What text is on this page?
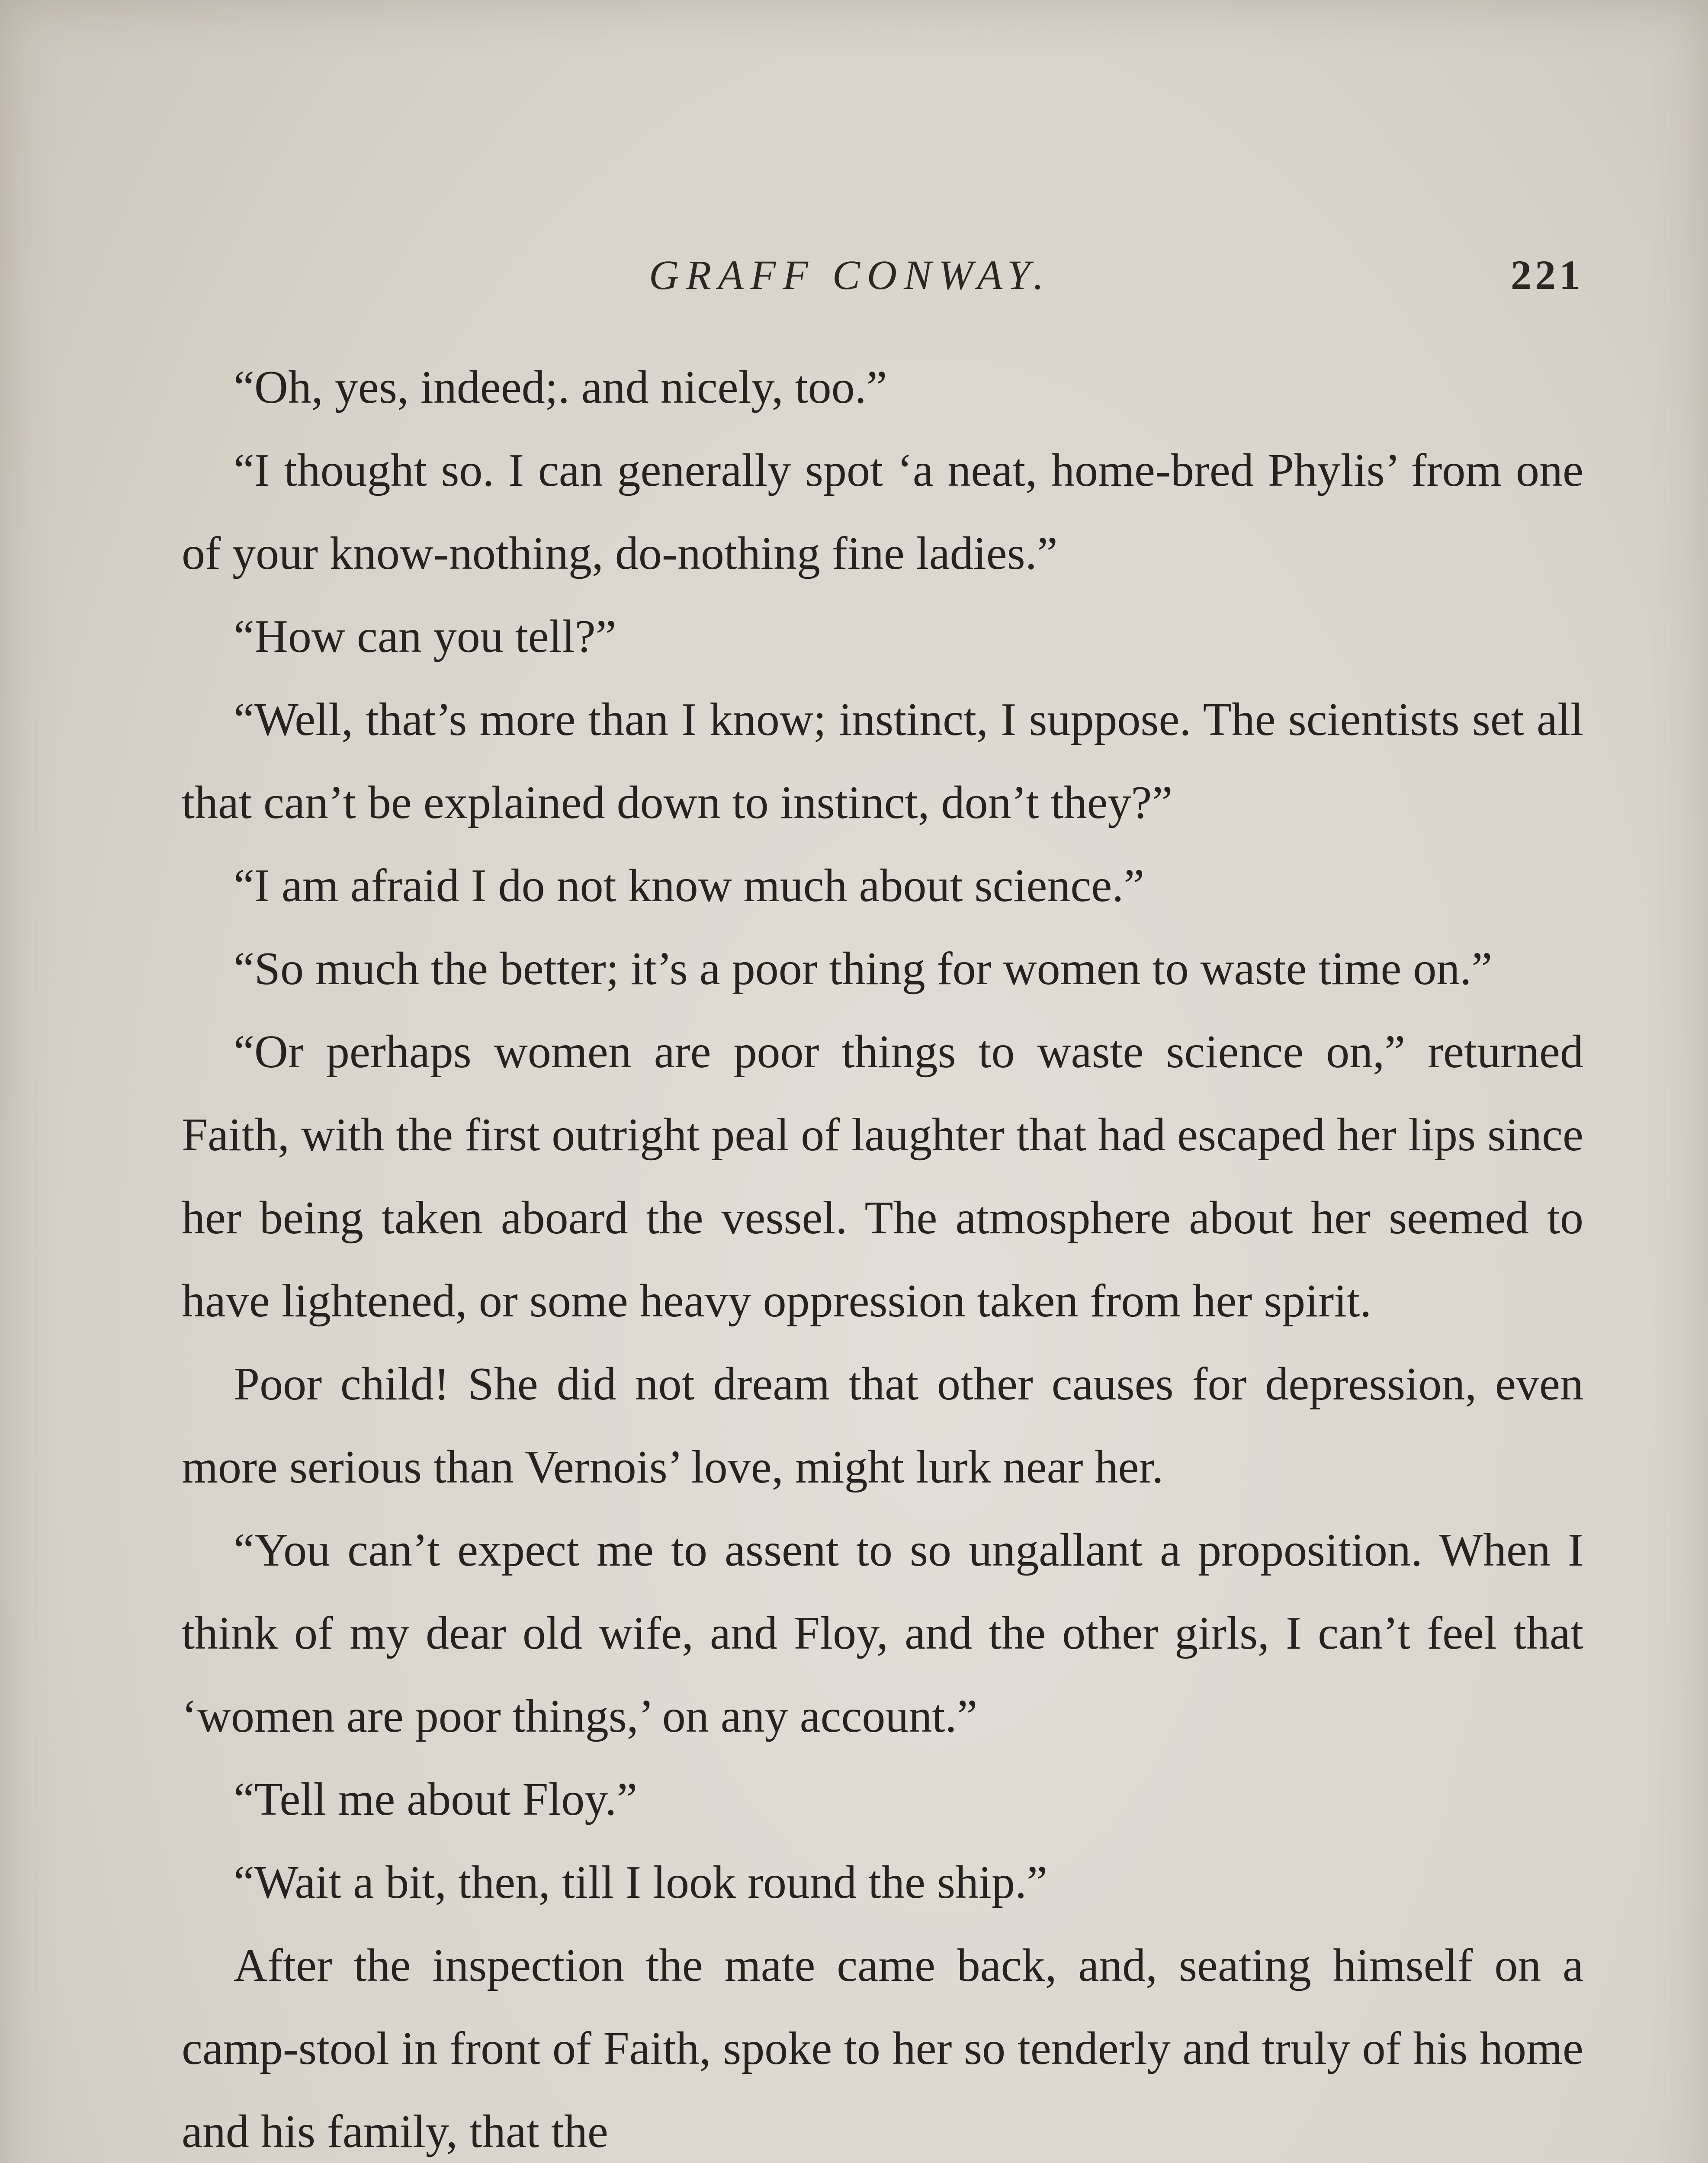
GRAFF CONWAY.	221

“Oh, yes, indeed;. and nicely, too.”

“I thought so. I can generally spot ‘a neat, home-bred Phylis’ from one of your know-nothing, do-nothing fine ladies.”

“How can you tell?”

“Well, that’s more than I know; instinct, I suppose. The scientists set all that can’t be explained down to instinct, don’t they?”

“I am afraid I do not know much about science.”

“So much the better; it’s a poor thing for women to waste time on.”

“Or perhaps women are poor things to waste science on,” returned Faith, with the first outright peal of laughter that had escaped her lips since her being taken aboard the vessel. The atmosphere about her seemed to have lightened, or some heavy oppression taken from her spirit.

Poor child! She did not dream that other causes for depression, even more serious than Vernois’ love, might lurk near her.

“You can’t expect me to assent to so ungallant a proposition. When I think of my dear old wife, and Floy, and the other girls, I can’t feel that ‘women are poor things,’ on any account.”

“Tell me about Floy.”

“Wait a bit, then, till I look round the ship.”

After the inspection the mate came back, and, seating himself on a camp-stool in front of Faith, spoke to her so tenderly and truly of his home and his family, that the
